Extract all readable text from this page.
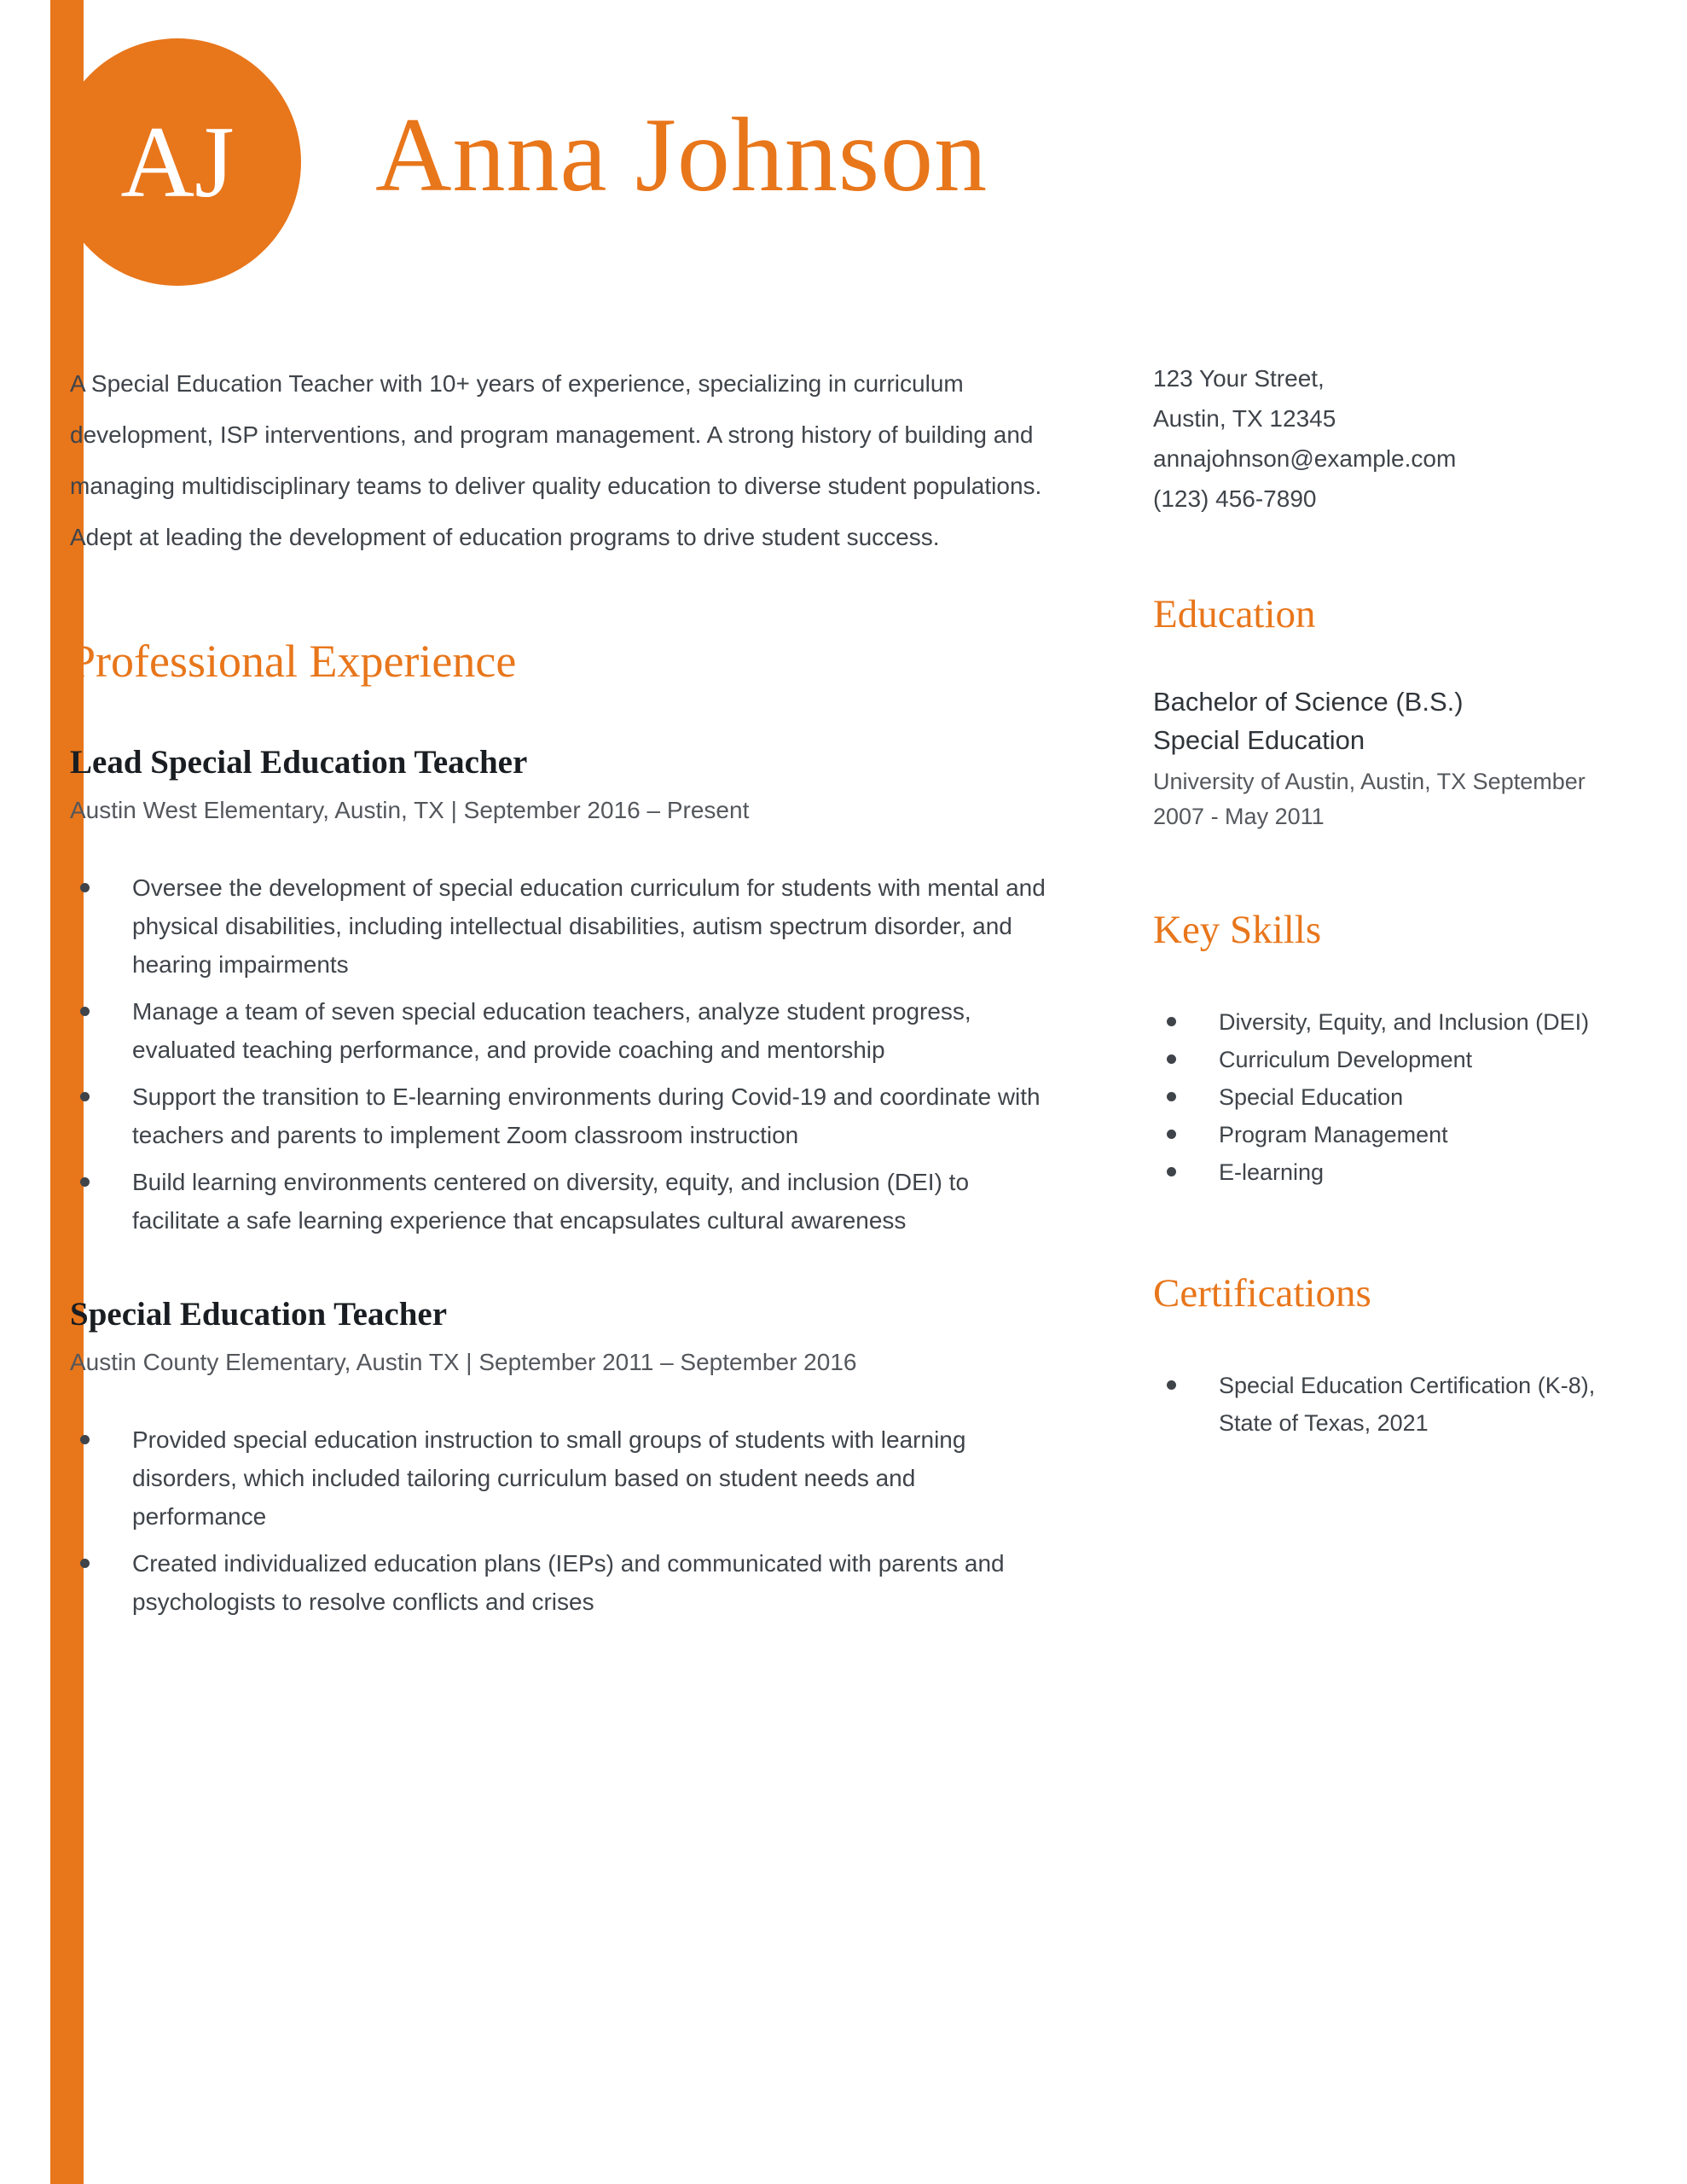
AJ Anna Johnson

A Special Education Teacher with 10+ years of experience, specializing in curriculum development, ISP interventions, and program management. A strong history of building and managing multidisciplinary teams to deliver quality education to diverse student populations. Adept at leading the development of education programs to drive student success.

Professional Experience
Lead Special Education Teacher
Austin West Elementary, Austin, TX | September 2016 – Present
Oversee the development of special education curriculum for students with mental and physical disabilities, including intellectual disabilities, autism spectrum disorder, and hearing impairments
Manage a team of seven special education teachers, analyze student progress, evaluated teaching performance, and provide coaching and mentorship
Support the transition to E-learning environments during Covid-19 and coordinate with teachers and parents to implement Zoom classroom instruction
Build learning environments centered on diversity, equity, and inclusion (DEI) to facilitate a safe learning experience that encapsulates cultural awareness
Special Education Teacher
Austin County Elementary, Austin TX | September 2011 – September 2016
Provided special education instruction to small groups of students with learning disorders, which included tailoring curriculum based on student needs and performance
Created individualized education plans (IEPs) and communicated with parents and psychologists to resolve conflicts and crises
123 Your Street,
Austin, TX 12345
annajohnson@example.com
(123) 456-7890
Education
Bachelor of Science (B.S.)
Special Education
University of Austin, Austin, TX September 2007 - May 2011
Key Skills
Diversity, Equity, and Inclusion (DEI)
Curriculum Development
Special Education
Program Management
E-learning
Certifications
Special Education Certification (K-8), State of Texas, 2021
